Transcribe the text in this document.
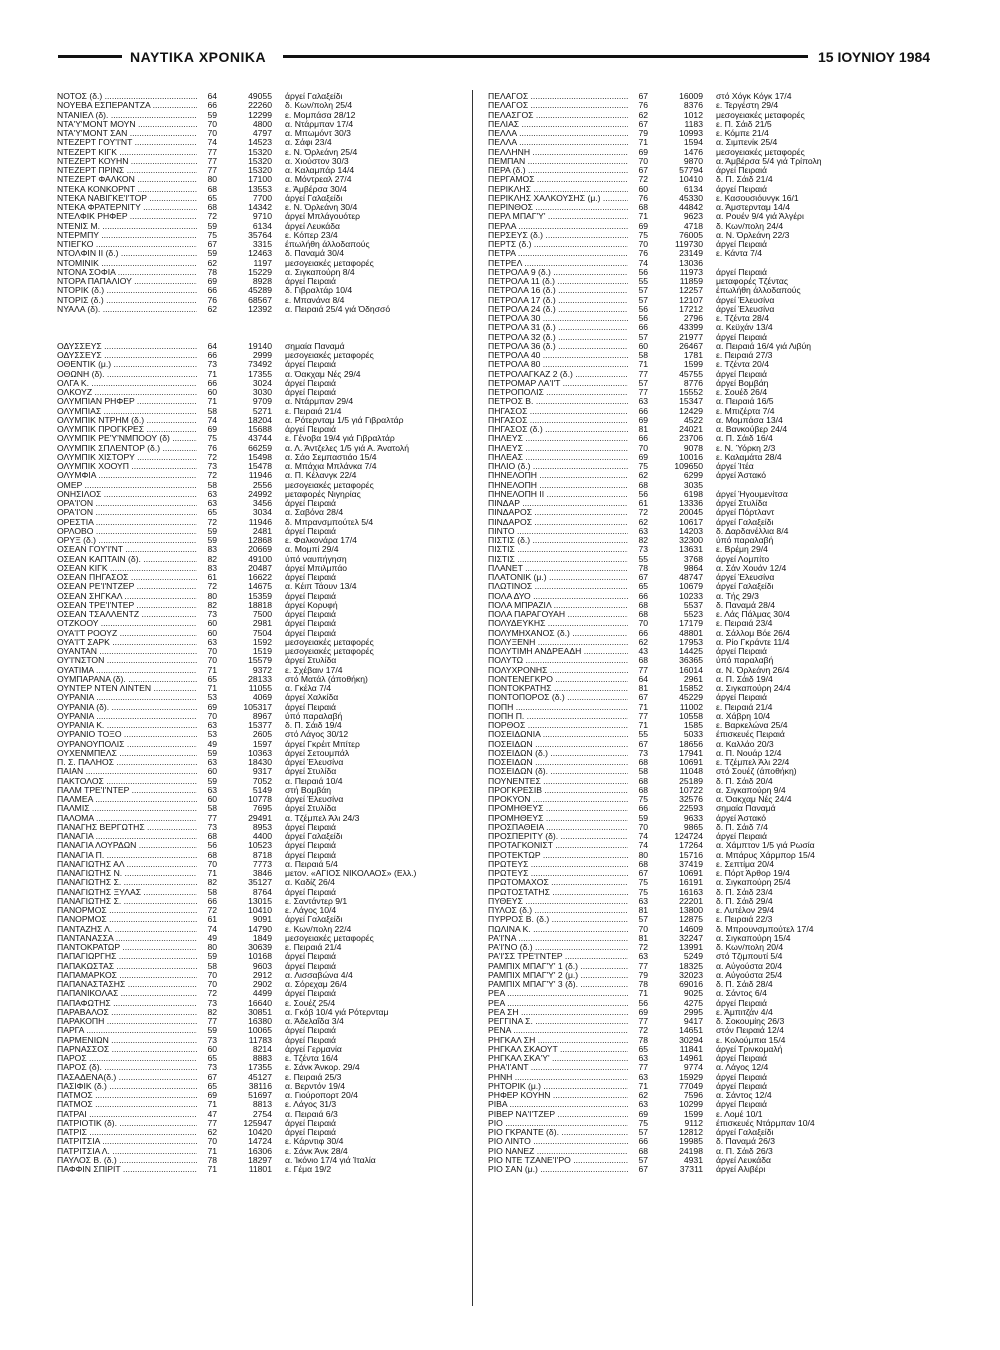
ΝΑΥΤΙΚΑ ΧΡΟΝΙΚΑ	15 ΙΟΥΝΙΟΥ 1984
ΝΟΤΟΣ (δ.) .....	64	49055 άργεί Γαλαξείδι
ΝΟΥΕΒΑ ΕΣΠΕΡΑΝΤΖΑ .....	66	22260 δ. Κων/πολη 25/4
ΝΤΑΝΙΕΛ (δ). .....	59	12299 ε. Μομπάσα 28/12
ΝΤΑ'Υ'ΜΟΝΤ ΜΟΥΝ .....	70	4800 α. Ντάρμπαν 17/4
ΝΤΑ'Υ'ΜΟΝΤ ΣΑΝ .....	70	4797 α. Μπωμόντ 30/3
ΝΤΕΖΕΡΤ ΓΟΥ'Ι'ΝΤ .....	74	14523 α. Σάφι 23/4
ΝΤΕΖΕΡΤ ΚΙΓΚ .....	77	15320 ε. Ν. Όρλεάνη 25/4
ΝΤΕΖΕΡΤ ΚΟΥΗΝ .....	77	15320 α. Χιούστον 30/3
ΝΤΕΖΕΡΤ ΠΡΙΝΣ .....	77	15320 α. Καλαμπάρ 14/4
ΝΤΕΖΕΡΤ ΦΑΛΚΟΝ .....	80	17100 α. Μόντρεαλ 27/4
ΝΤΕΚΑ ΚΟΝΚΟΡΝΤ .....	68	13553 ε. Άμβέρσα 30/4
ΝΤΕΚΑ ΝΑΒΙΓΚΕ'Ι'ΤΟΡ .....	65	7700 άργεί Γαλαξείδι
ΝΤΕΚΑ ΦΡΑΤΕΡΝΙΤΥ .....	68	14342 ε. Ν. Όρλεάνη 30/4
ΝΤΕΛΦΙΚ ΡΗΦΕΡ .....	72	9710 άργεί Μπλάγουότερ
ΝΤΕΝΙΣ Μ. .....	59	6134 άργεί Λευκάδα
ΝΤΕΡΜΠΥ .....	75	35764 ε. Κόπερ 23/4
ΝΤΙΕΓΚΟ .....	67	3315 έπωλήθη άλλοδαπούς
ΝΤΟΛΦΙΝ ΙΙ (δ.) .....	59	12463 δ. Παναμά 30/4
ΝΤΟΜΙΝΙΚ .....	62	1197 μεσογειακές μεταφορές
ΝΤΟΝΑ ΣΟΦΙΑ .....	78	15229 α. Σιγκαπούρη 8/4
ΝΤΟΡΑ ΠΑΠΑΛΙΟΥ .....	69	8928 άργεί Πειραιά
ΝΤΟΡΙΚ (δ.) .....	66	45289 δ. Γιβραλτάρ 10/4
ΝΤΟΡΙΣ (δ.) .....	76	68567 ε. Μπανάνα 8/4
ΝΥΑΛΑ (δ). .....	62	12392 α. Πειραιά 25/4 γιά Όδησσό
ΟΔΥΣΣΕΥΣ .....	64	19140 σημαία Παναμά
ΟΔΥΣΣΕΥΣ .....	66	2999 μεσογειακές μεταφορές
ΟΘΕΝΤΙΚ (μ.) .....	73	73492 άργεί Πειραιά
ΟΘΩΝΗ (δ). .....	71	17355 α. Όακχαμ Νές 29/4
ΟΛΓΑ Κ. .....	66	3024 άργεί Πειραιά
ΟΛΚΟΥΖ .....	60	3030 άργεί Πειραιά
ΟΛΥΜΠΙΑΝ ΡΗΦΕΡ .....	71	9709 α. Ντάρμπαν 29/4
ΟΛΥΜΠΙΑΣ .....	58	5271 ε. Πειραιά 21/4
ΟΛΥΜΠΙΚ ΝΤΡΗΜ (δ.) .....	74	18204 α. Ρότερνταμ 1/5 γιά Γιβραλτάρ
ΟΛΥΜΠΙΚ ΠΡΟΓΚΡΕΣ .....	69	15688 άργεί Πειραιά
ΟΛΥΜΠΙΚ ΡΕ'Υ'ΝΜΠΟΟΥ (δ) .....	75	43744 ε. Γένοβα 19/4 γιά Γιβραλτάρ
ΟΛΥΜΠΙΚ ΣΠΛΕΝΤΟΡ (δ.) .....	76	66259 α. Λ. Άντζελες 1/5 γιά Α. Άνατολή
ΟΛΥΜΠΙΚ ΧΙΣΤΟΡΥ .....	72	15498 α. Σάο Σεμπαστιάο 15/4
ΟΛΥΜΠΙΚ ΧΟΟΥΠ .....	73	15478 α. Μπάχια Μπλάνκα 7/4
ΟΛΥΜΦΙΑ .....	72	11946 α. Π. Κέλανγκ 22/4
ΟΜΕΡ .....	58	2556 μεσογειακές μεταφορές
ΟΝΗΣΙΛΟΣ .....	63	24992 μεταφορές Νιγηρίας
ΟΡΑ'Ι'ΟΝ .....	63	3456 άργεί Πειραιά
ΟΡΑ'Ι'ΟΝ .....	65	3034 α. Σαβόνα 28/4
ΟΡΕΣΤΙΑ .....	72	11946 δ. Μπρανσμπούτελ 5/4
ΟΡΛΟΒΟ .....	59	2481 άργεί Πειραιά
ΟΡΥΞ (δ.) .....	59	12868 ε. Φαλκονάρα 17/4
ΟΣΕΑΝ ΓΟΥ'Ι'ΝΤ .....	83	20669 α. Μομπί 29/4
ΟΣΕΑΝ ΚΑΠΤΑΙΝ (δ). .....	82	49100 ύπό ναυπήγηση
ΟΣΕΑΝ ΚΙΓΚ .....	83	20487 άργεί Μπιλμπάο
ΟΣΕΑΝ ΠΗΓΑΣΟΣ .....	61	16622 άργεί Πειραιά
ΟΣΕΑΝ ΡΕ'Ι'ΝΤΖΕΡ .....	72	14675 α. Κέιπ Τάουν 13/4
ΟΣΕΑΝ ΣΗΓΚΑΛ .....	80	15359 άργεί Πειραιά
ΟΣΕΑΝ ΤΡΕ'Ι'ΝΤΕΡ .....	82	18818 άργεί Κορυφή
ΟΣΕΑΝ ΤΣΑΛΛΕΝΤΖ .....	73	7500 άργεί Πειραιά
ΟΤΖΚΟΟΥ .....	60	2981 άργεί Πειραιά
ΟΥΑ'Ι'Τ ΡΟΟΥΖ .....	60	7504 άργεί Πειραιά
ΟΥΑ'Ι'Τ ΣΑΡΚ .....	63	1592 μεσογειακές μεταφορές
ΟΥΑΝΤΑΝ .....	70	1519 μεσογειακές μεταφορές
ΟΥ'Ι'ΝΣΤΟΝ .....	70	15579 άργεί Στυλίδα
ΟΥΑΤΙΜΑ .....	71	9372 ε. Σχέβαιν 17/4
ΟΥΜΠΑΡΑΝΑ (δ). .....	65	28133 στό Ματάλ (άποθήκη)
ΟΥΝΤΕΡ ΝΤΕΝ ΛΙΝΤΕΝ .....	71	11055 α. Γκέλα 7/4
ΟΥΡΑΝΙΑ .....	53	4069 άργεί Χαλκίδα
ΟΥΡΑΝΙΑ (δ). .....	69	105317 άργεί Πειραιά
ΟΥΡΑΝΙΑ .....	70	8967 ύπό παραλαβή
ΟΥΡΑΝΙΑ Κ. .....	63	15377 δ. Π. Σάιδ 19/4
ΟΥΡΑΝΙΟ ΤΟΞΟ .....	53	2605 στό Λάγος 30/12
ΟΥΡΑΝΟΥΠΟΛΙΣ .....	49	1597 άργεί Γκρέιτ Μπίτερ
ΟΥΧΕΝΜΠΕΛΣ .....	59	10363 άργεί Σετουμπάλ
Π. Σ. ΠΑΛΗΟΣ .....	63	18430 άργεί Έλευσίνα
ΠΑΙΑΝ .....	60	9317 άργεί Στυλίδα
ΠΑΚΤΟΛΟΣ .....	59	7052 α. Πειραιά 10/4
ΠΑΛΜ ΤΡΕ'Ι'ΝΤΕΡ .....	63	5149 στή Βομβάη
ΠΑΛΜΕΑ .....	60	10778 άργεί Έλευσίνα
ΠΑΛΜΙΣ .....	58	7695 άργεί Στυλίδα
ΠΑΛΟΜΑ .....	77	29491 α. Τζέμπελ Άλι 24/3
ΠΑΝΑΓΗΣ ΒΕΡΓΩΤΗΣ .....	73	8953 άργεί Πειραιά
ΠΑΝΑΓΙΑ .....	68	4400 άργεί Γαλαξείδι
ΠΑΝΑΓΙΑ ΛΟΥΡΔΩΝ .....	56	10523 άργεί Πειραιά
ΠΑΝΑΓΙΑ Π. .....	68	8718 άργεί Πειραιά
ΠΑΝΑΓΙΩΤΗΣ ΑΛ .....	70	7773 α. Πειραιά 5/4
ΠΑΝΑΓΙΩΤΗΣ Ν. .....	71	3846 μετον. «ΑΓΙΟΣ ΝΙΚΟΛΑΟΣ» (Ελλ.)
ΠΑΝΑΓΙΩΤΗΣ Σ. .....	82	35127 α. Καδίζ 26/4
ΠΑΝΑΓΙΩΤΗΣ ΞΥΛΑΣ .....	58	8764 άργεί Πειραιά
ΠΑΝΑΓΙΩΤΗΣ Σ. .....	66	13015 ε. Σαντάντερ 9/1
ΠΑΝΟΡΜΟΣ .....	72	10410 ε. Λάγος 10/4
ΠΑΝΟΡΜΟΣ .....	61	9091 άργεί Γαλαξείδι
ΠΑΝΤΑΖΗΣ Λ. .....	74	14790 ε. Κων/πολη 22/4
ΠΑΝΤΑΝΑΣΣΑ .....	49	1849 μεσογειακές μεταφορές
ΠΑΝΤΟΚΡΑΤΩΡ .....	80	30639 ε. Πειραιά 21/4
ΠΑΠΑΓΙΩΡΓΗΣ .....	59	10168 άργεί Πειραιά
ΠΑΠΑΚΩΣΤΑΣ .....	58	9603 άργεί Πειραιά
ΠΑΠΑΜΑΡΚΟΣ .....	70	2912 α. Λισσαβώνα 4/4
ΠΑΠΑΝΑΣΤΑΣΗΣ .....	70	2902 α. Σόρεχαμ 26/4
ΠΑΠΑΝΙΚΟΛΑΣ .....	72	4499 άργεί Πειραιά
ΠΑΠΑΦΩΤΗΣ .....	73	16640 ε. Σουέζ 25/4
ΠΑΡΑΒΑΛΟΣ .....	82	30851 α. Γκόβ 10/4 γιά Ρότερνταμ
ΠΑΡΑΚΟΠΗ .....	77	16380 α. Άδελαΐδα 3/4
ΠΑΡΓΑ .....	59	10065 άργεί Πειραιά
ΠΑΡΜΕΝΙΩΝ .....	73	11783 άργεί Πειραιά
ΠΑΡΝΑΣΣΟΣ .....	60	8214 άργεί Γερμανία
ΠΑΡΟΣ .....	65	8883 ε. Τζέντα 16/4
ΠΑΡΟΣ (δ). .....	73	17355 ε. Σάνκ Άνκορ. 29/4
ΠΑΣΑΔΕΝΑ(δ.) .....	67	45127 ε. Πειραιά 25/3
ΠΑΣΙΦΙΚ (δ.) .....	65	38116 α. Βερντόν 19/4
ΠΑΤΜΟΣ .....	69	51697 α. Γιούροπορτ 20/4
ΠΑΤΜΟΣ .....	71	8813 ε. Λάγος 31/3
ΠΑΤΡΑΙ .....	47	2754 α. Πειραιά 6/3
ΠΑΤΡΙΟΤΙΚ (δ). .....	77	125947 άργεί Πειραιά
ΠΑΤΡΙΣ .....	62	10420 άργεί Πειραιά
ΠΑΤΡΙΤΣΙΑ .....	70	14724 ε. Κάρντιφ 30/4
ΠΑΤΡΙΤΣΙΑ Λ. .....	71	16306 ε. Σάνκ Άνκ 28/4
ΠΑΥΛΟΣ Β. (δ.) .....	78	18297 α. Ίκόνιο 17/4 γιά Ίταλία
ΠΑΦΦΙΝ ΣΠΙΡΙΤ .....	71	11801 ε. Γέμα 19/2
ΠΕΛΑΓΟΣ .....	67	16009 στό Χόγκ Κόγκ 17/4
ΠΕΛΑΓΟΣ .....	76	8376 ε. Τεργέστη 29/4
ΠΕΛΑΣΓΟΣ .....	62	1012 μεσογειακές μεταφορές
ΠΕΛΙΑΣ .....	67	1183 ε. Π. Σάιδ 21/5
ΠΕΛΛΑ .....	79	10993 ε. Κόμπε 21/4
ΠΕΛΛΑ .....	71	1594 α. Σιμπενίκ 25/4
ΠΕΛΛΗΝΗ .....	69	1476 μεσογειακές μεταφορές
ΠΕΜΠΑΝ .....	70	9870 α. Άμβέρσα 5/4 γιά Τρίπολη
ΠΕΡΑ (δ.) .....	67	57794 άργεί Πειραιά
ΠΕΡΓΑΜΟΣ .....	72	10410 δ. Π. Σάιδ 21/4
ΠΕΡΙΚΛΗΣ .....	60	6134 άργεί Πειραιά
ΠΕΡΙΚΛΗΣ ΧΑΛΚΟΥΣΗΣ (μ.) .....	76	45330 ε. Κασουσιόυνγκ 16/1
ΠΕΡΙΝΘΟΣ .....	68	44842 α. Άμστερνταμ 14/4
ΠΕΡΛ ΜΠΑΓ'Υ' .....	71	9623 α. Ρουέν 9/4 γιά Άλγέρι
ΠΕΡΛΑ .....	69	4718 δ. Κων/πολη 24/4
ΠΕΡΣΕΥΣ (δ.) .....	75	76005 α. Ν. Όρλεάνη 22/3
ΠΕΡΤΣ (δ.) .....	70	119730 άργεί Πειραιά
ΠΕΤΡΑ .....	76	23149 ε. Κάντα 7/4
ΠΕΤΡΕΛ .....	74	13036
ΠΕΤΡΟΛΑ 9 (δ.) .....	56	11973 άργεί Πειραιά
ΠΕΤΡΟΛΑ 11 (δ.) .....	55	11859 μεταφορές Τζέντας
ΠΕΤΡΟΛΑ 16 (δ.) .....	57	12257 έπωλήθη άλλοδαπούς
ΠΕΤΡΟΛΑ 17 (δ.) .....	57	12107 άργεί Έλευσίνα
ΠΕΤΡΟΛΑ 24 (δ.) .....	56	17212 άργεί Έλευσίνα
ΠΕΤΡΟΛΑ 30 .....	56	2796 ε. Τζέντα 28/4
ΠΕΤΡΟΛΑ 31 (δ.) .....	66	43399 α. Κεϋχάν 13/4
ΠΕΤΡΟΛΑ 32 (δ.) .....	57	21977 άργεί Πειραιά
ΠΕΤΡΟΛΑ 36 (δ.) .....	60	26467 α. Πειραιά 16/4 γιά Λιβύη
ΠΕΤΡΟΛΑ 40 .....	58	1781 ε. Πειραιά 27/3
ΠΕΤΡΟΛΑ 80 .....	71	1599 ε. Τζέντα 20/4
ΠΕΤΡΟΛΑΓΚΑΖ 2 (δ.) .....	77	45755 άργεί Πειραιά
ΠΕΤΡΟΜΑΡ ΛΑ'Ι'Τ .....	57	8776 άργεί Βομβάη
ΠΕΤΡΟΠΟΛΙΣ .....	77	15552 ε. Σουέδ 26/4
ΠΕΤΡΟΣ Β. .....	63	15347 α. Πειραιά 16/5
ΠΗΓΑΣΟΣ .....	66	12429 ε. Μπιζέρτα 7/4
ΠΗΓΑΣΟΣ .....	69	4522 α. Μομπάσα 13/4
ΠΗΓΑΣΟΣ (δ.) .....	81	24021 α. Βανκούβερ 24/4
ΠΗΛΕΥΣ .....	66	23706 α. Π. Σάιδ 16/4
ΠΗΛΕΥΣ .....	70	9078 ε. Ν. Ύόρκη 2/3
ΠΗΛΕΑΣ .....	69	10016 ε. Καλαμάτα 28/4
ΠΗΛΙΟ (δ.) .....	75	109650 άργεί Ίτέα
ΠΗΝΕΛΟΠΗ .....	62	6299 άργεί Άστακό
ΠΗΝΕΛΟΠΗ .....	68	3035
ΠΗΝΕΛΟΠΗ ΙΙ .....	56	6198 άργεί Ήγουμενίτσα
ΠΙΝΔΑΡ .....	61	13336 άργεί Στυλίδα
ΠΙΝΔΑΡΟΣ .....	72	20045 άργεί Πόρτλαντ
ΠΙΝΔΑΡΟΣ .....	62	10617 άργεί Γαλαξείδι
ΠΙΝΤΟ .....	63	14203 δ. Δαρδανέλλια 8/4
ΠΙΣΤΙΣ (δ.) .....	82	32300 ύπό παραλαβή
ΠΙΣΤΙΣ .....	73	13631 ε. Βρέμη 29/4
ΠΙΣΤΙΣ .....	55	3768 άργεί Λομπίτο
ΠΛΑΝΕΤ .....	78	9864 α. Σάν Χουάν 12/4
ΠΛΑΤΟΝΙΚ (μ.) .....	67	48747 άργεί Έλευσίνα
ΠΛΩΤΙΝΟΣ .....	65	10679 άργεί Γαλαξείδι
ΠΟΛΑ ΔΥΟ .....	66	10233 α. Τής 29/3
ΠΟΛΑ ΜΠΡΑΖΙΛ .....	68	5537 δ. Παναμά 28/4
ΠΟΛΑ ΠΑΡΑΓΟΥΑΗ .....	68	5523 ε. Λάς Πάλμας 30/4
ΠΟΛΥΔΕΥΚΗΣ .....	70	17179 ε. Πειραιά 23/4
ΠΟΛΥΜΗΧΑΝΟΣ (δ.) .....	66	48801 α. Σάλλομ Βόε 26/4
ΠΟΛΥΞΕΝΗ .....	62	17953 α. Ρίο Γκράντε 11/4
ΠΟΛΥΤΙΜΗ ΑΝΔΡΕΑΔΗ .....	43	14425 άργεί Πειραιά
ΠΟΛΥΤΩ .....	68	36365 ύπό παραλαβή
ΠΟΛΥΧΡΟΝΗΣ .....	77	16014 α. Ν. Όρλεάνη 26/4
ΠΟΝΤΕΝΕΓΚΡΟ .....	64	2961 α. Π. Σάιδ 19/4
ΠΟΝΤΟΚΡΑΤΗΣ .....	81	15852 α. Σιγκαπούρη 24/4
ΠΟΝΤΟΠΟΡΟΣ (δ.) .....	67	45229 άργεί Πειραιά
ΠΟΠΗ .....	71	11002 ε. Πειραιά 21/4
ΠΟΠΗ Π. .....	77	10558 α. Χάβρη 10/4
ΠΟΡΘΟΣ .....	71	1585 ε. Βαρκελώνα 25/4
ΠΟΣΕΙΔΩΝΙΑ .....	55	5033 έπισκευές Πειραιά
ΠΟΣΕΙΔΩΝ .....	67	18656 α. Καλλάο 20/3
ΠΟΣΕΙΔΩΝ (δ.) .....	73	17941 α. Π. Νουάρ 12/4
ΠΟΣΕΙΔΩΝ .....	68	10691 ε. Τζέμπελ Άλι 22/4
ΠΟΣΕΙΔΩΝ (δ). .....	58	11048 στό Σουέζ (άποθήκη)
ΠΟΥΝΕΝΤΕΣ .....	68	25189 δ. Π. Σάιδ 20/4
ΠΡΟΓΚΡΕΣΙΒ .....	68	10722 α. Σιγκαπούρη 9/4
ΠΡΟΚΥΟΝ .....	75	32576 α. Όακχαμ Νές 24/4
ΠΡΟΜΗΘΕΥΣ .....	66	22593 σημαία Παναμά
ΠΡΟΜΗΘΕΥΣ .....	59	9633 άργεί Άστακό
ΠΡΟΣΠΑΘΕΙΑ .....	70	9865 δ. Π. Σάιδ 7/4
ΠΡΟΣΠΕΡΙΤΥ (δ). .....	74	124724 άργεί Πειραιά
ΠΡΟΤΑΓΚΟΝΙΣΤ .....	74	17264 α. Χάμπτον 1/5 γιά Ρωσία
ΠΡΟΤΕΚΤΩΡ .....	80	15716 α. Μπάρυς Χάρμπορ 15/4
ΠΡΩΤΕΥΣ .....	68	37419 ε. Σεπτίμα 20/4
ΠΡΩΤΕΥΣ .....	67	10691 ε. Πόρτ Άρθορ 19/4
ΠΡΩΤΟΜΑΧΟΣ .....	75	16191 α. Σιγκαπούρη 25/4
ΠΡΩΤΟΣΤΑΤΗΣ .....	75	16163 δ. Π. Σάιδ 23/4
ΠΥΘΕΥΣ .....	63	22201 δ. Π. Σάιδ 29/4
ΠΥΛΟΣ (δ.) .....	81	13800 ε. Λυτέλον 29/4
ΠΥΡΡΟΣ Β. (δ.) .....	57	12875 ε. Πειραιά 22/3
ΠΩΛΙΝΑ Κ. .....	70	14609 δ. Μπρουνσμπούτελ 17/4
ΡΑ'Ι'ΝΑ .....	81	32247 α. Σιγκαπούρη 15/4
ΡΑ'Ι'ΝΟ (δ.) .....	72	13991 δ. Κων/πολη 20/4
ΡΑ'Ι'ΣΣ ΤΡΕ'Ι'ΝΤΕΡ .....	63	5249 στό Τζιμπουτί 5/4
ΡΑΜΠΙΧ ΜΠΑΓ'Υ' 1 (δ.) .....	77	18325 α. Αύγούστα 20/4
ΡΑΜΠΙΧ ΜΠΑΓ'Υ' 2 (μ.) .....	79	32023 α. Αύγούστα 25/4
ΡΑΜΠΙΧ ΜΠΑΓ'Υ' 3 (δ). .....	78	69016 δ. Π. Σάιδ 28/4
ΡΕΑ .....	71	9025 α. Σάντος 6/4
ΡΕΑ .....	56	4275 άργεί Πειραιά
ΡΕΑ ΣΗ .....	69	2995 ε. Άμπιτζάν 4/4
ΡΕΓΓΙΝΑ Σ. .....	77	9417 δ. Σοκουμίης 26/3
ΡΕΝΑ .....	72	14651 στόν Πειραιά 12/4
ΡΗΓΚΑΛ ΣΗ .....	78	30294 ε. Κολούμπια 15/4
ΡΗΓΚΑΛ ΣΚΑΟΥΤ .....	65	11841 άργεί Τρινκομαλή
ΡΗΓΚΑΛ ΣΚΑ'Υ' .....	63	14961 άργεί Πειραιά
ΡΗΑ'Ι'ΑΝΤ .....	77	9774 α. Λάγος 12/4
ΡΗΝΗ .....	63	15929 άργεί Πειραιά
ΡΗΤΟΡΙΚ (μ.) .....	71	77049 άργεί Πειραιά
ΡΗΦΕΡ ΚΟΥΗΝ .....	62	7596 α. Σάντος 12/4
ΡΙΒΑ .....	63	10299 άργεί Πειραιά
ΡΙΒΕΡ ΝΑ'Ι'ΤΖΕΡ .....	69	1599 ε. Λομέ 10/1
ΡΙΟ .....	75	9112 έπισκευές Ντάρμπαν 10/4
ΡΙΟ ΓΚΡΑΝΤΕ (δ). .....	57	12812 άργεί Γαλαξείδι
ΡΙΟ ΛΙΝΤΟ .....	66	19985 δ. Παναμά 26/3
ΡΙΟ ΝΑΝΕΖ .....	68	24198 α. Π. Σάιδ 26/3
ΡΙΟ ΝΤΕ ΤΖΑΝΕ'Ι'ΡΟ .....	57	4931 άργεί Λευκάδα
ΡΙΟ ΣΑΝ (μ.) .....	67	37311 άργεί Αλιβέρι
